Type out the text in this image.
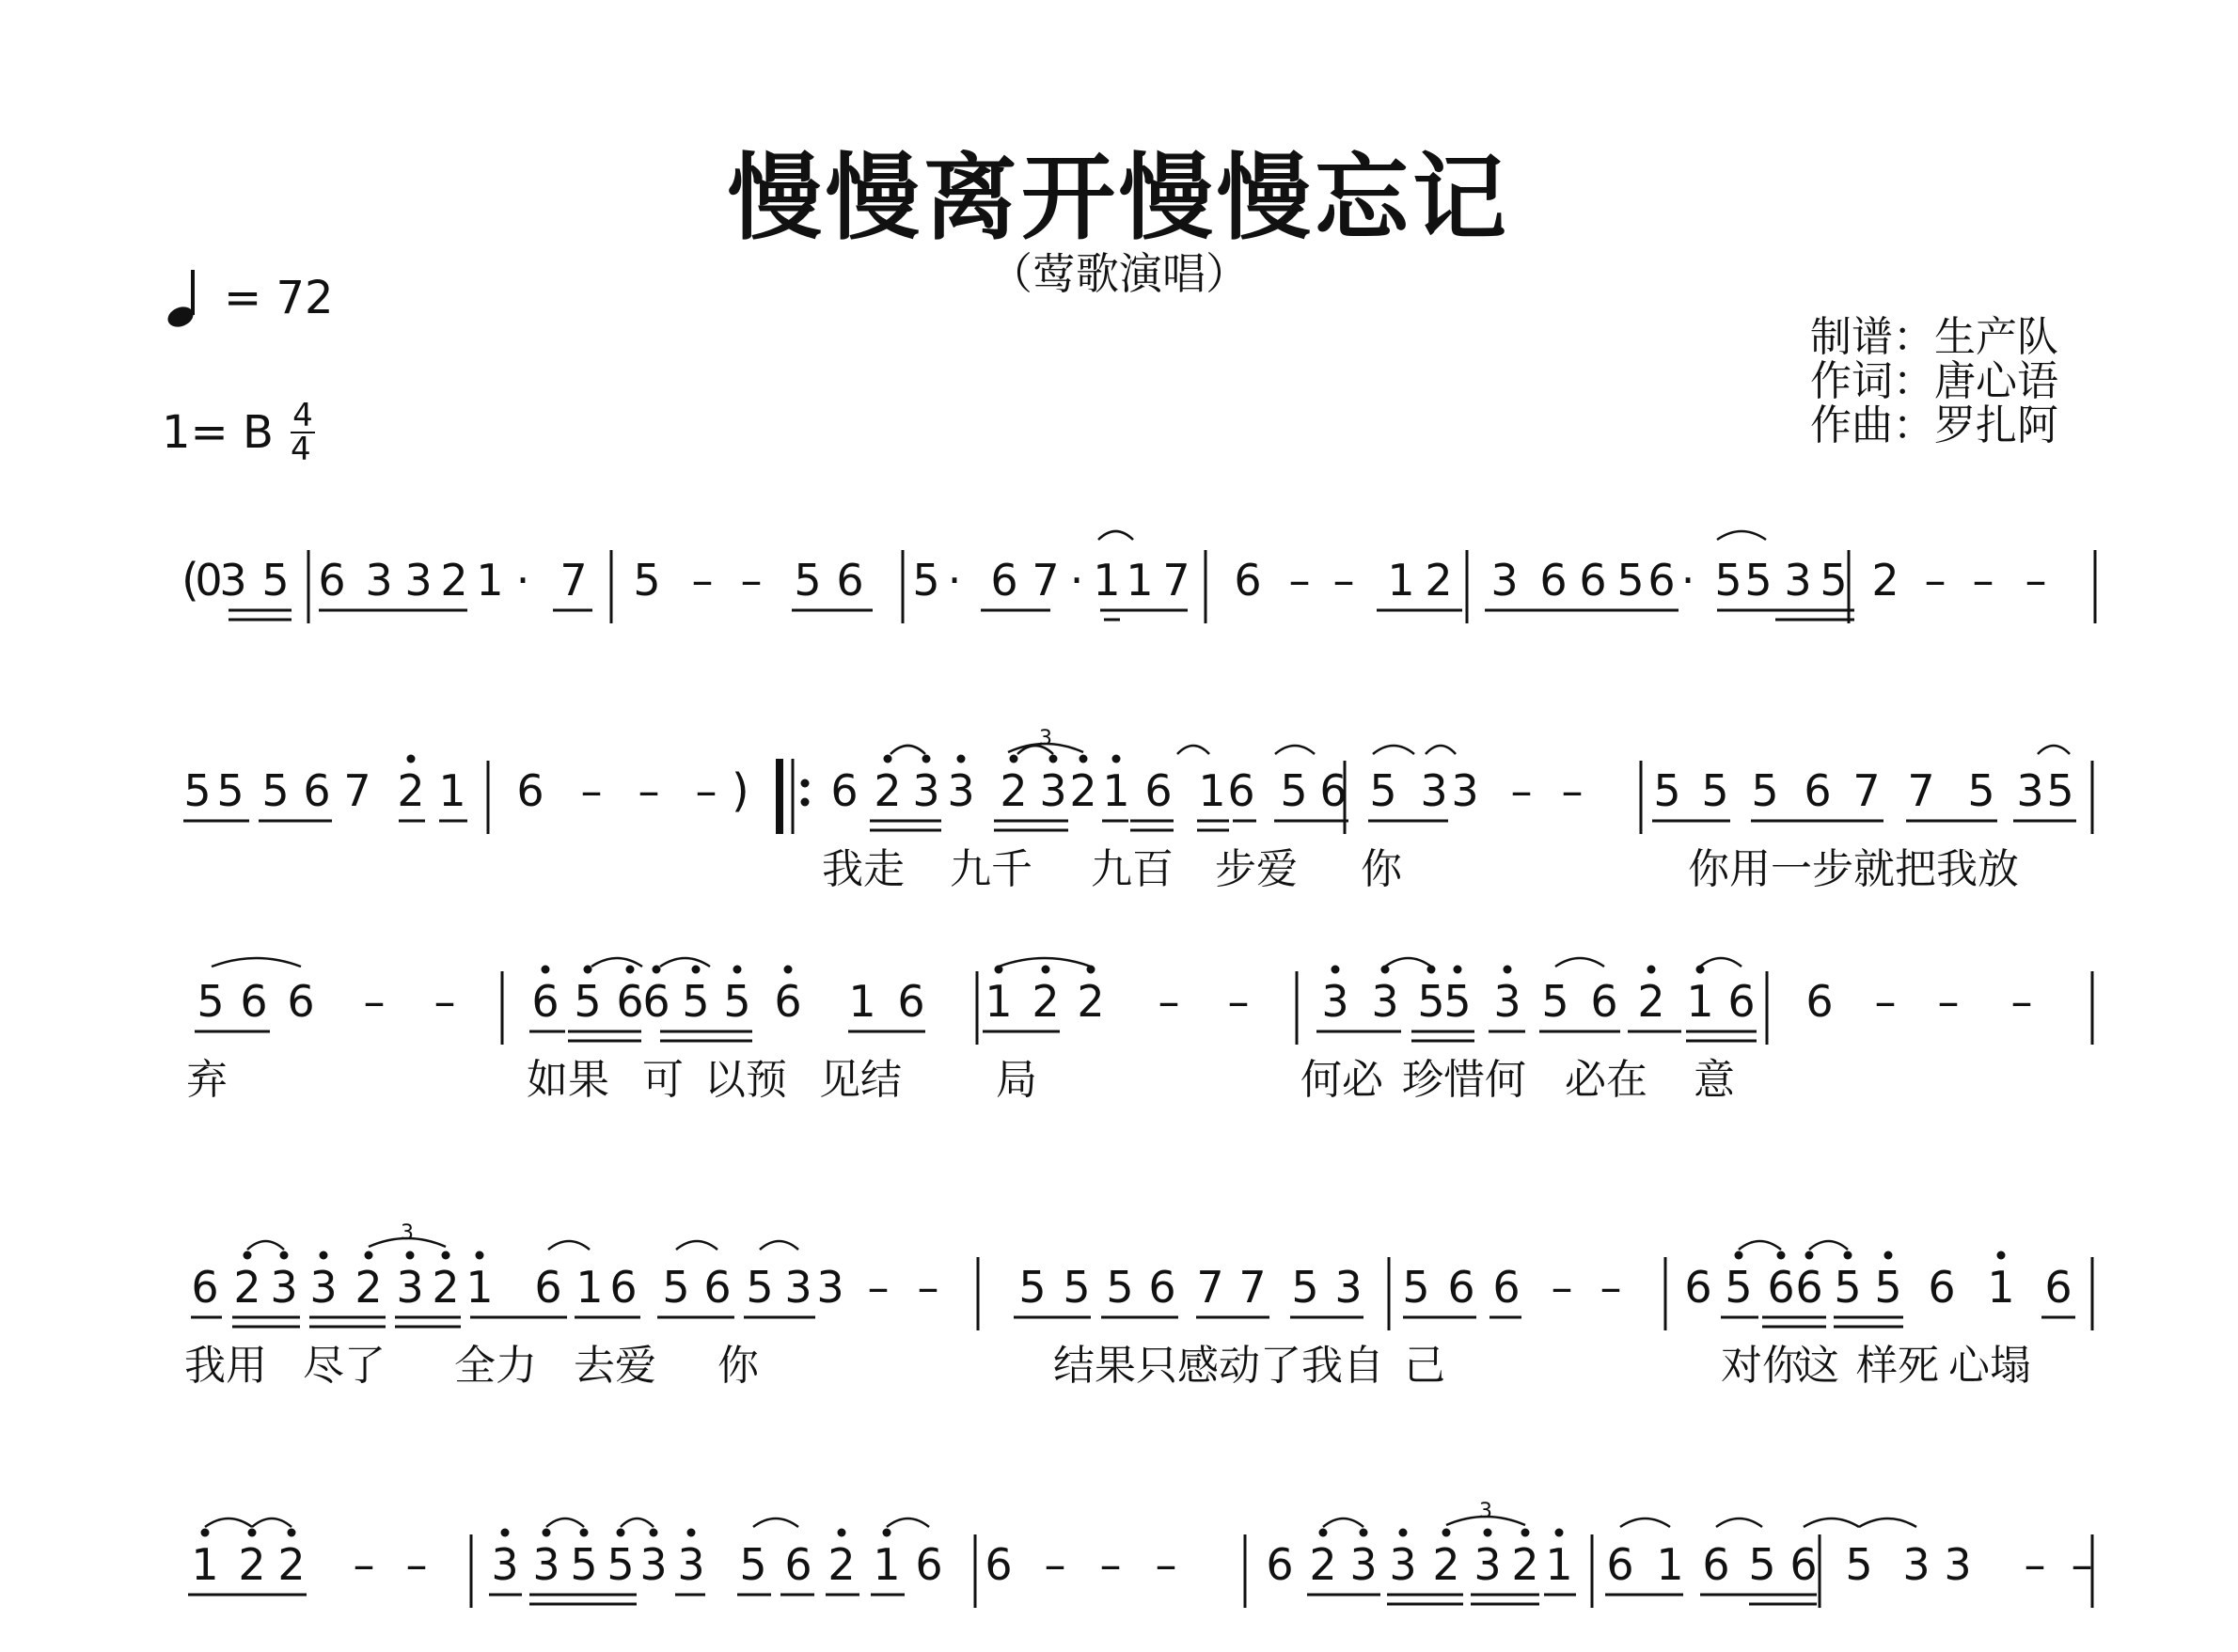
慢慢离开慢慢忘记
（莺歌演唱）
= 72
1= B $\frac{4}{4}$
制谱：生产队
作词：唐心语
作曲：罗扎阿
0
3 5 6 3 3 2 1 · 7 5 – – 5 6 5 · 6 7 · 1 1 7 6 – – 1 2 3 6 6 5 6 · 5 5 3 5 2 – – –
(
5 5 5 6 7 2 1 6 – – –	6 2 3 3 2 3 2 1 6 1 6 5 6 5 3 3 – – 5 5 5 6 7 7 5 3 5
3
)
我走 九千 九百 步爱 你	你用一步就把我放
5 6 6 – – 6 5 6
6 5 5 6 1 6 1 2 2 – – 3 3 5
5 3 5 6 2 1 6 6 – – –
弃	如果 可 以预 见结 局	何必 珍惜何 必在 意
6 2 3 3 2 3 2 1 6 1 6 5 6 5 3 3 – – 5 5 5 6 7 7 5 3 5 6 6 – – 6 5 6 6 5 5 6 1 6
3
我用 尽了 全力 去爱 你	结果只感动了我自 己	对你
这 样死 心塌
1 2 2 – – 3 3 5 5 3 3 5 6 2 1 6 6 – – – 6 2 3 3 2 3 2 1 6 1 6 5 6 5 3 3 – –
3
